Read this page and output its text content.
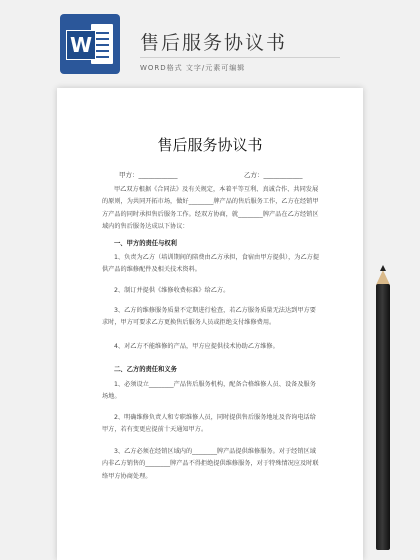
W	售后服务协议书
WORD格式 文字/元素可编辑
售后服务协议书
甲方：____________	乙方：____________

甲乙双方根据《合同法》及有关规定，本着平等互利、真诚合作、共同发展的原则，为共同开拓市场，做好________牌产品的售后服务工作，乙方在经销甲方产品的同时承担售后服务工作。经双方协商，就________牌产品在乙方经销区域内的售后服务达成以下协议：

一、甲方的责任与权利

1、负责为乙方（培训期间的陪费由乙方承担，食宿由甲方提供），为乙方提供产品的维修配件及相关技术资料。

2、制订并提供《维修收费标准》给乙方。

3、乙方的维修服务质量不定期进行检查，若乙方服务质量无法达到甲方要求时，甲方可要求乙方更换售后服务人员或拒绝支付维修费用。

4、对乙方不能维修的产品，甲方应提供技术协助乙方维修。

二、乙方的责任和义务

1、必须设立________产品售后服务机构，配备合格维修人员、设备及服务场地。

2、明确维修负责人和专职维修人员，同时提供售后服务地址及咨询电话给甲方，若有变更应提前十天通知甲方。

3、乙方必须在经销区域内的________牌产品提供维修服务。对于经销区域内非乙方销售的________牌产品不得拒绝提供维修服务，对于特殊情况应及时联络甲方协商处理。
